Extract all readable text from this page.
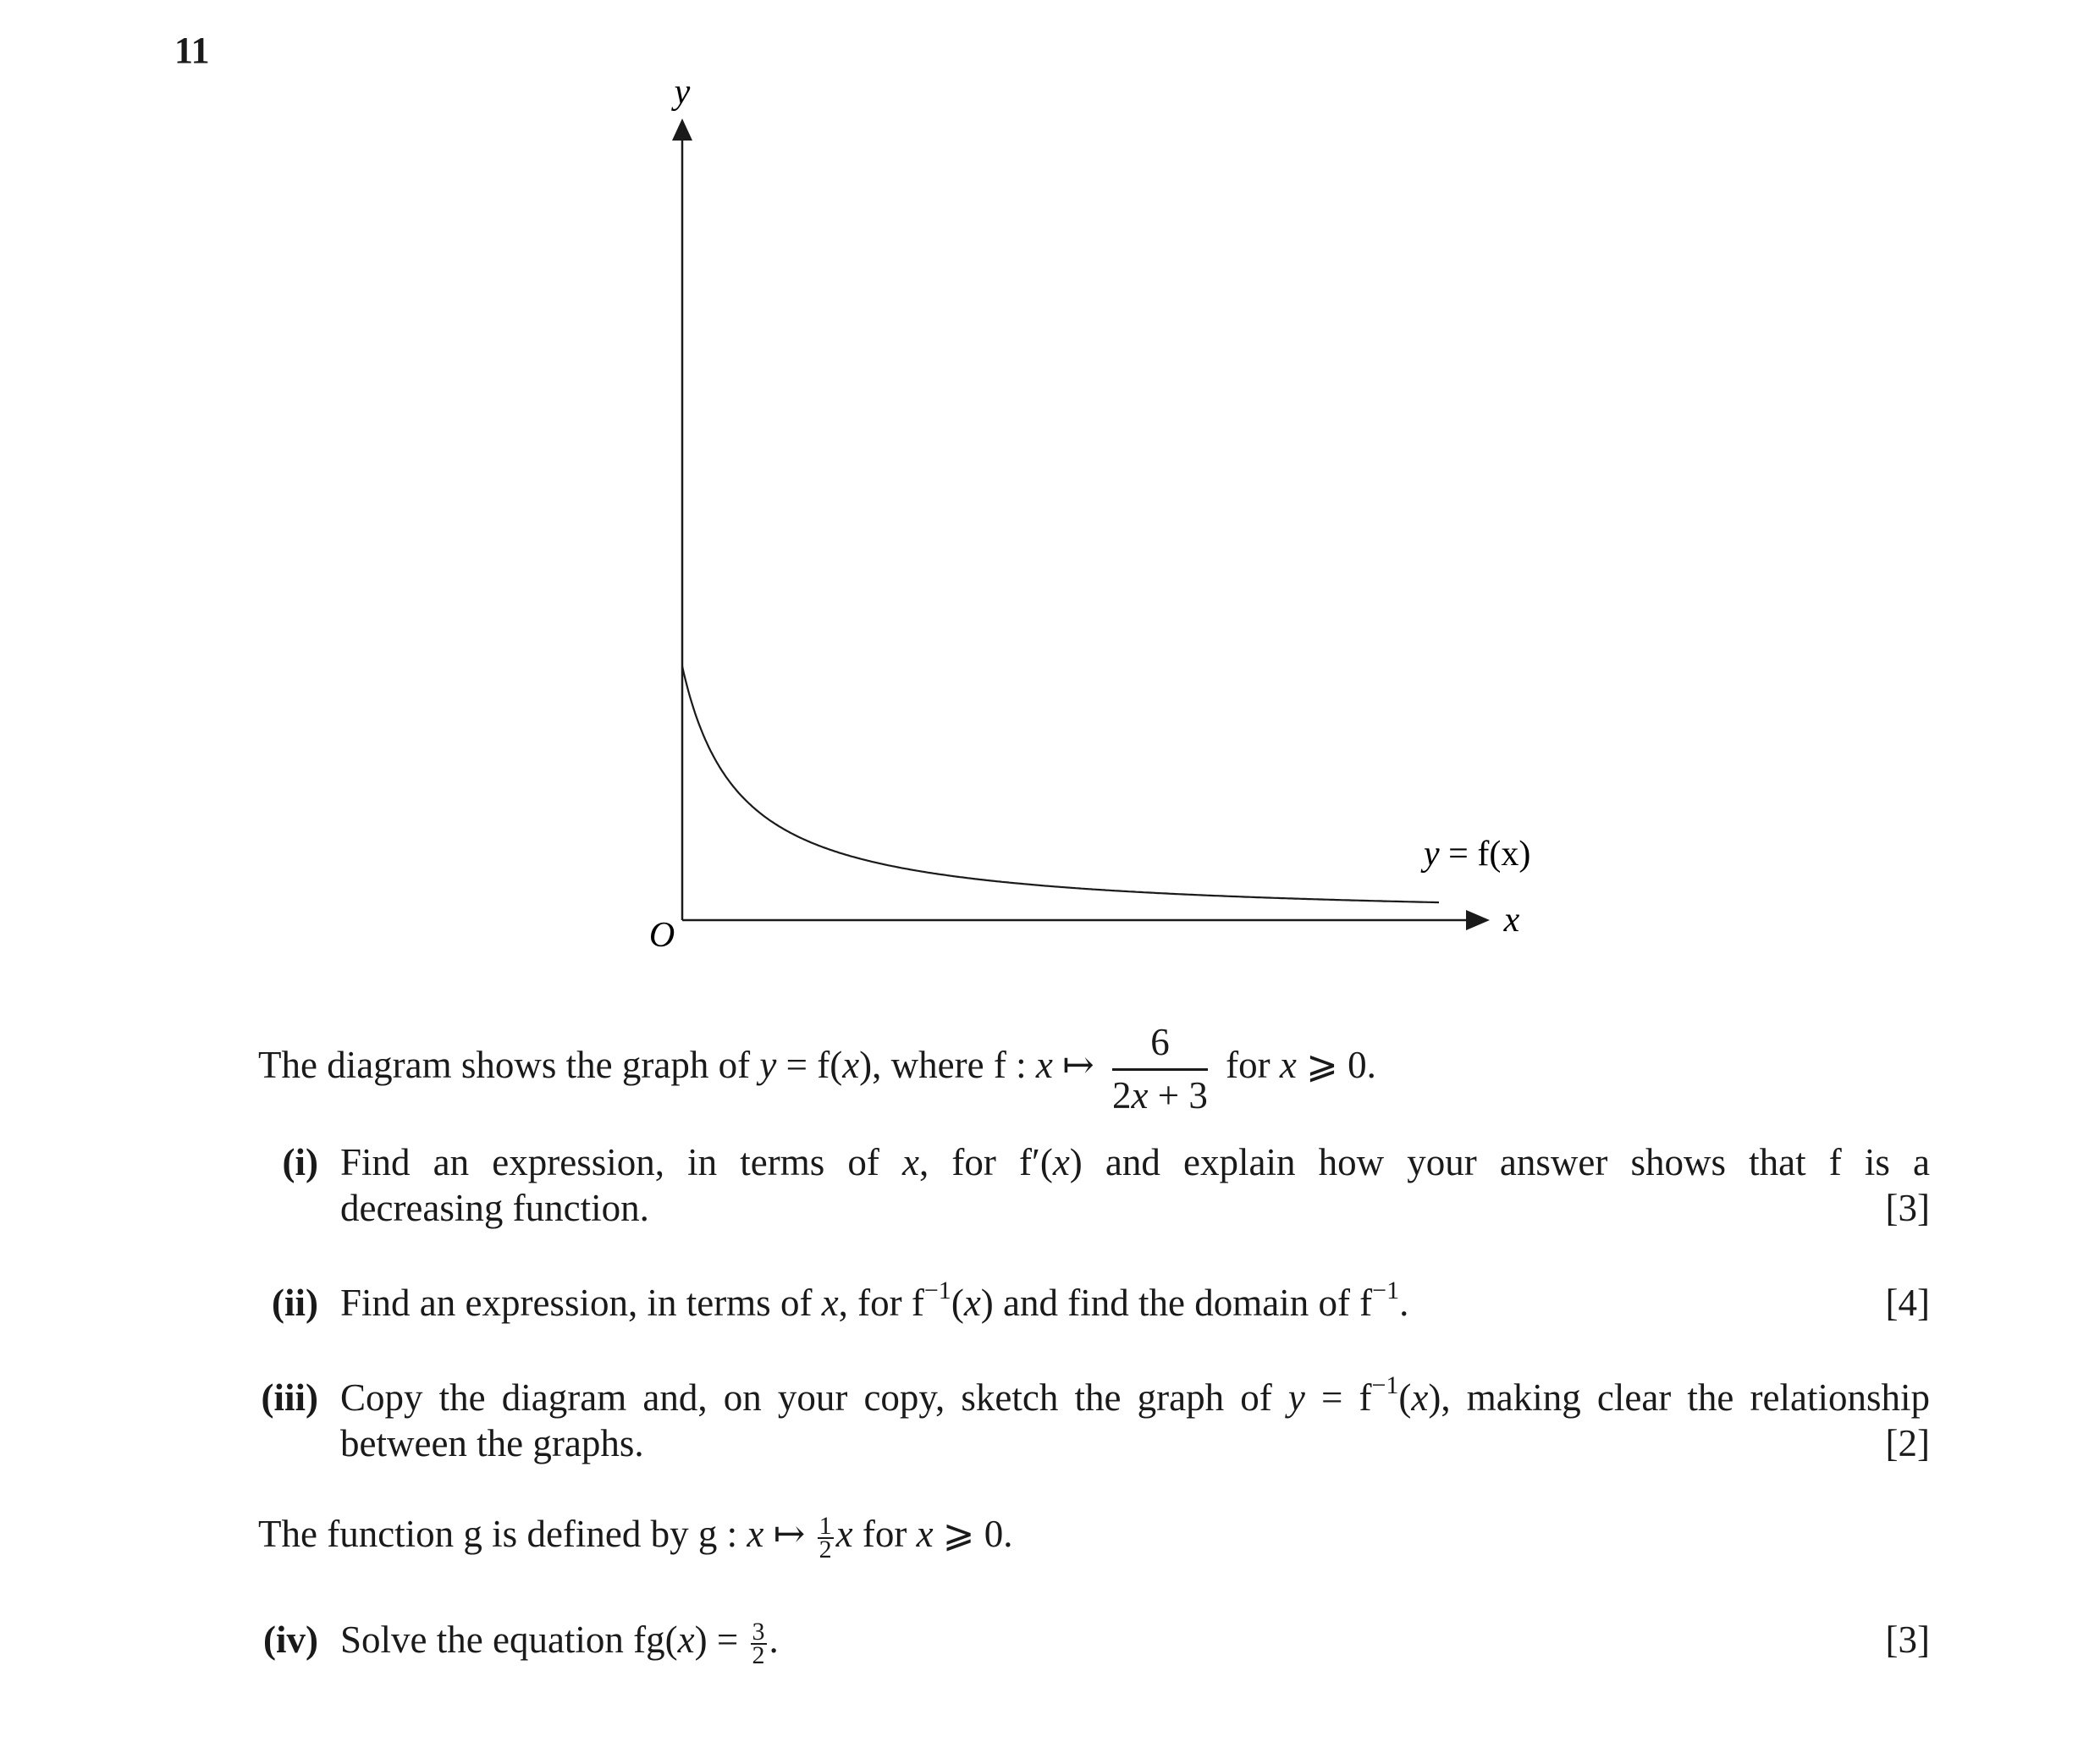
11
y
x
O
y = f(x)
The diagram shows the graph of y = f(x), where f : x ↦ $\frac{6}{2x + 3}$ for x ⩾ 0.
(i) Find an expression, in terms of x, for f′(x) and explain how your answer shows that f is a
decreasing function.	[3]
(ii) Find an expression, in terms of x, for $f^{-1}(x)$ and find the domain of $f^{-1}$.	[4]
(iii) Copy the diagram and, on your copy, sketch the graph of $y = f^{-1}(x)$, making clear the relationship
between the graphs.	[2]
The function g is defined by g : x ↦ $\frac{1}{2}$ x for x ⩾ 0.
(iv) Solve the equation $fg(x) = \frac{3}{2}$ .	[3]
